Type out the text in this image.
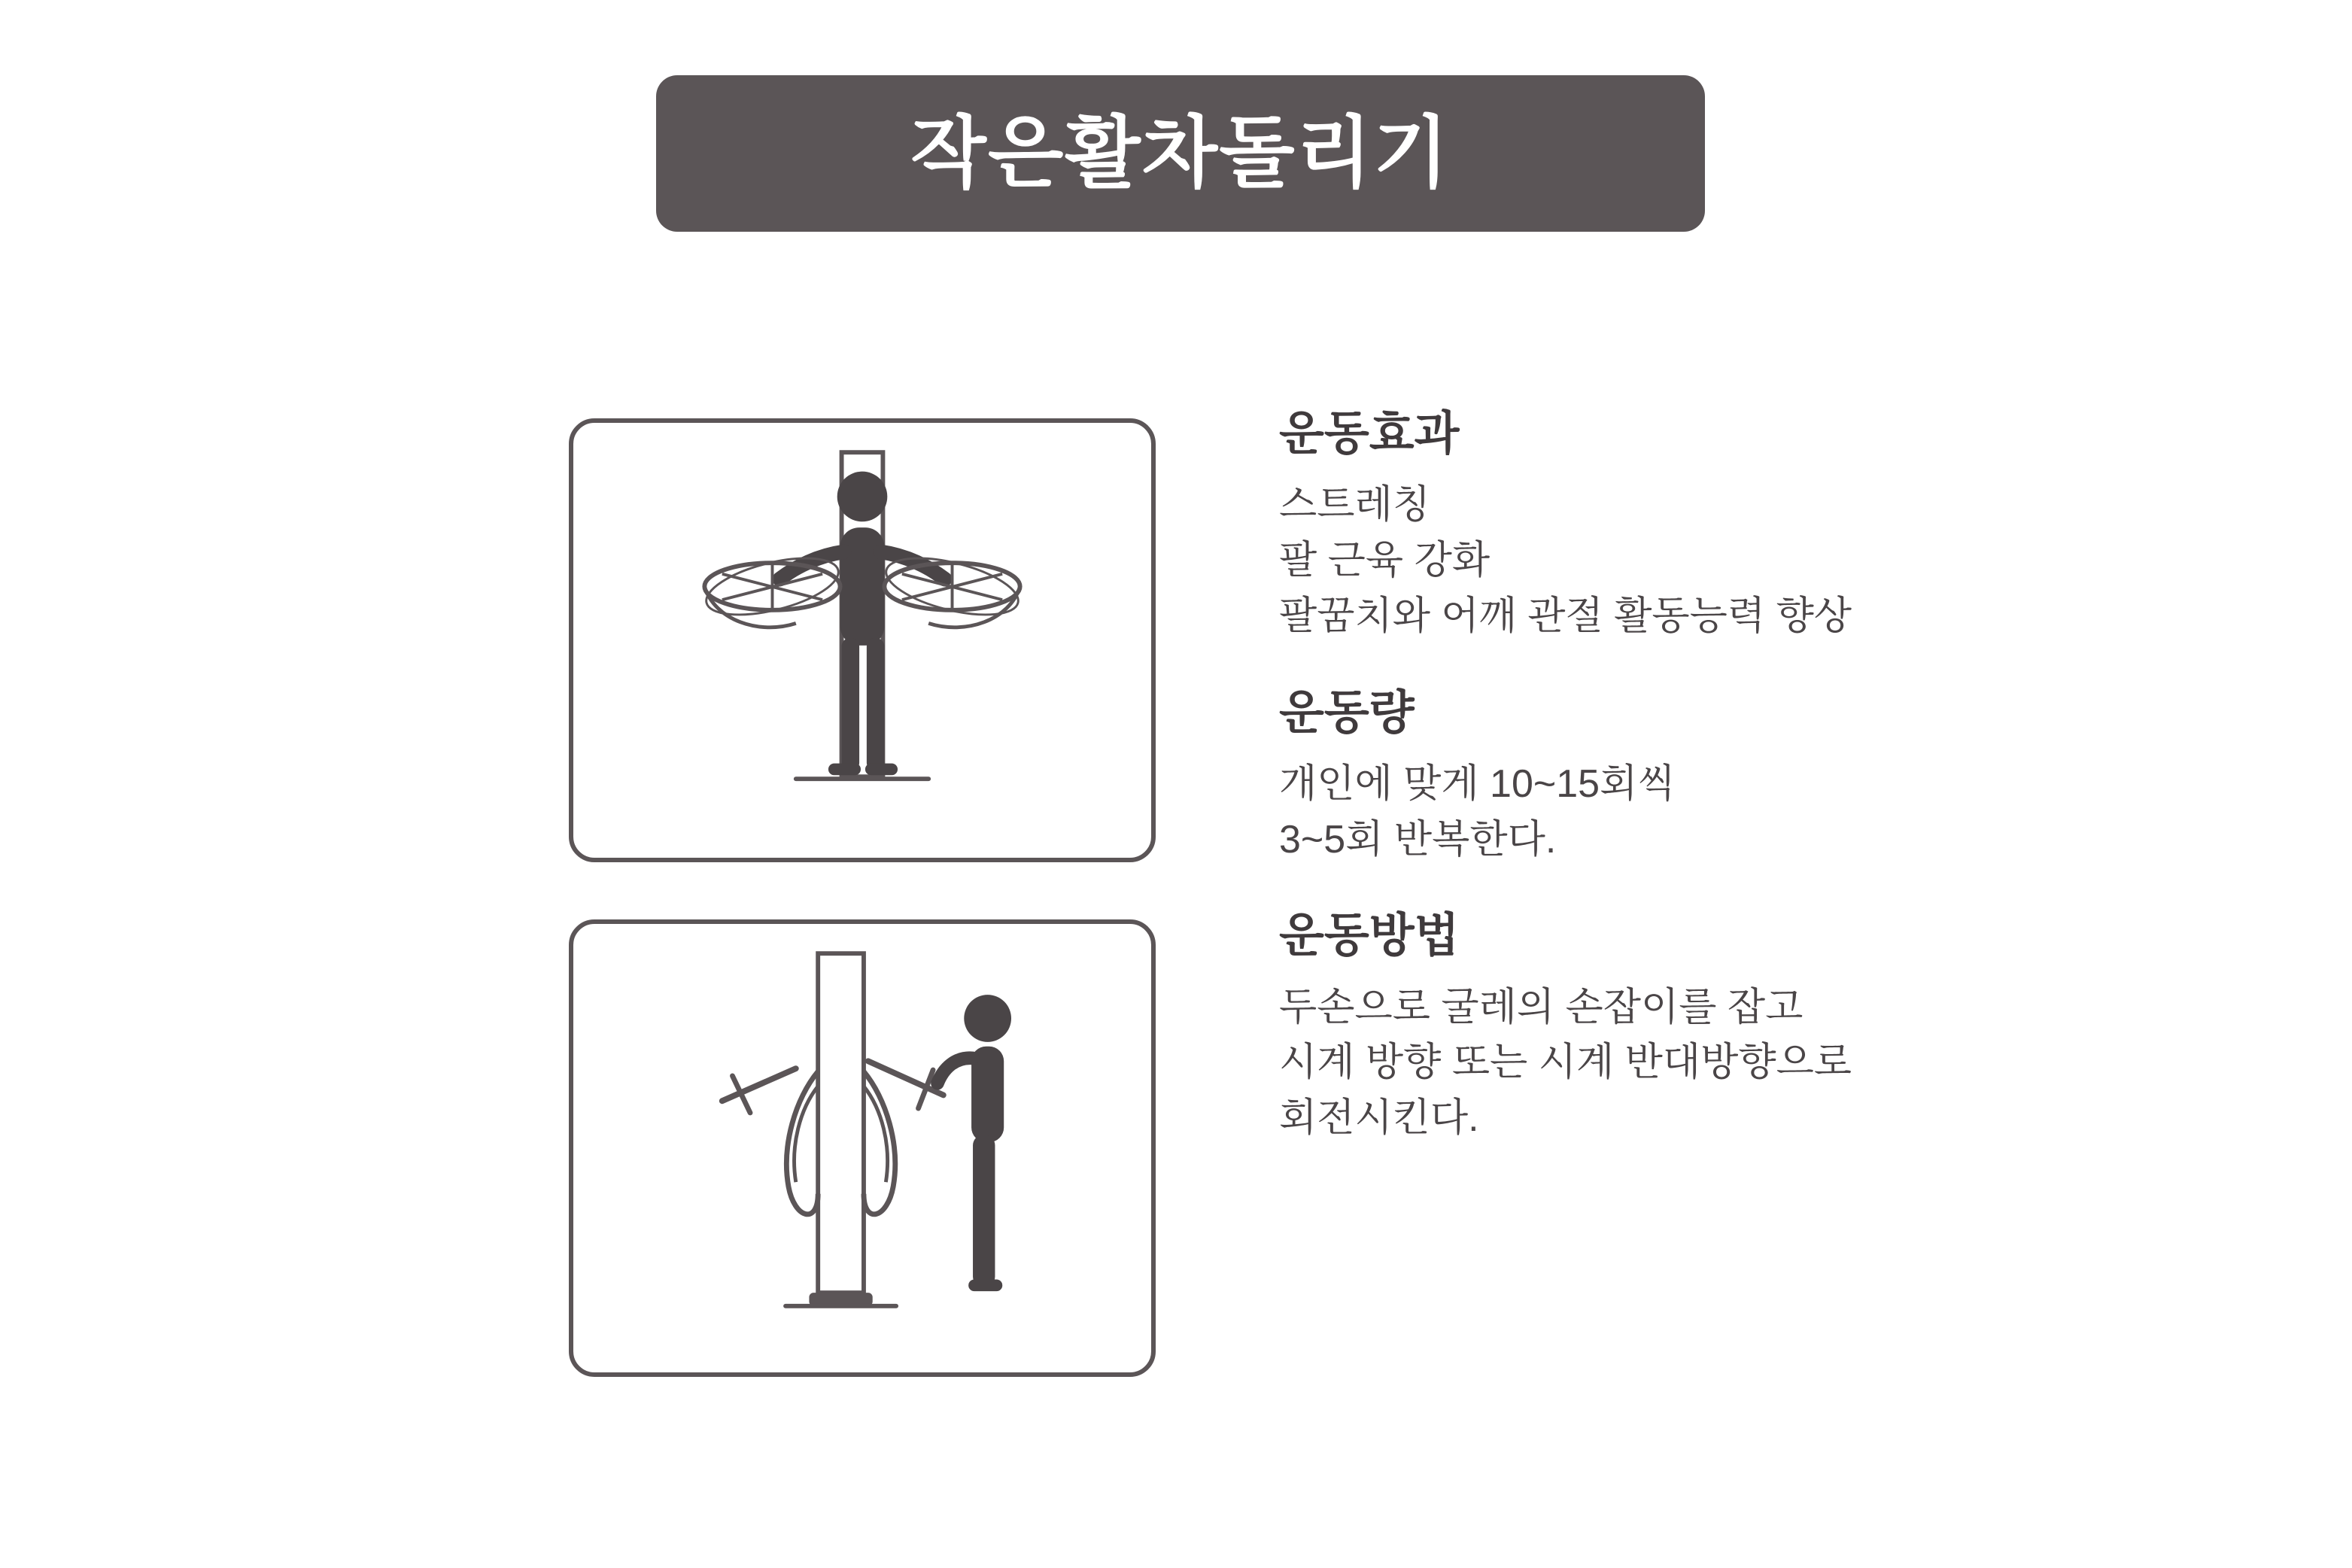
작은활차돌리기
운동효과
스트레칭
팔 근육 강화
팔꿈치와 어깨 관절 활동능력 향상
운동량
개인에 맞게 10~15회씩
3~5회 반복한다.
운동방법
두손으로 굴레의 손잡이를 잡고
시계 방향 또는 시계 반대방향으로
회전시킨다.
